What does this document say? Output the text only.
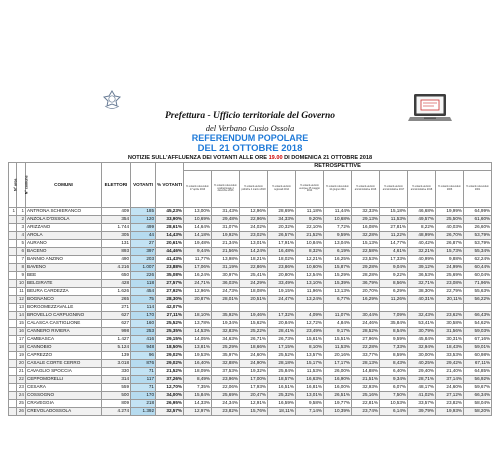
Prefettura - Ufficio territoriale del Governo
del Verbano Cusio Ossola
REFERENDUM POPOLARE
DEL 21 OTTOBRE 2018
NOTIZIE SULL'AFFLUENZA DEI VOTANTI ALLE ORE 19.00 DI DOMENICA 21 OTTOBRE 2018
N° area	N° comune	COMUNI	ELETTORI	VOTANTI	% VOTANTI	RETROSPETTIVE										
						% votanti referendum 17 aprile 2016	% votanti referendum costituzionale 4 dicembre 2016	% votanti elezioni politiche 4 marzo 2018	% votanti elezioni regionali 2014	% votanti elezioni europee 25 maggio 2014	% votanti referendum 12 giugno 2011	% votanti elezioni amministrative 2016	% votanti elezioni amministrative 2017	% votanti elezioni amministrative 2018	% votanti referendum 2006	% votanti referendum 2001
1	1	ANTRONA SCHIERANCO	409	185	45,23%	13,00%	31,43%	12,96%	28,69%	11,18%	11,44%	32,33%	15,18%	46,68%	19,99%	64,99%
	2	ANZOLA D'OSSOLA	354	120	33,90%	10,69%	29,48%	22,96%	34,33%	9,20%	10,68%	29,13%	11,53%	49,57%	25,50%	61,60%
	3	ARIZZANO	1.744	499	28,61%	14,64%	31,07%	24,02%	20,32%	22,10%	7,72%	16,08%	27,81%	8,22%	40,03%	26,60%
	4	AROLA	305	44	14,43%	14,18%	19,92%	23,02%	26,57%	21,52%	9,59%	32,28%	11,22%	48,99%	26,70%	53,79%
	5	AURANO	131	27	20,61%	19,48%	21,34%	13,01%	17,91%	10,84%	13,04%	15,13%	14,77%	40,42%	26,87%	53,79%
	6	BACENO	893	397	44,46%	9,44%	21,56%	14,24%	16,48%	8,32%	6,19%	22,58%	4,61%	32,21%	15,73%	55,34%
	7	BANNIO ANZINO	490	203	41,43%	11,77%	13,98%	18,21%	18,02%	12,21%	16,25%	23,53%	17,33%	40,99%	9,88%	62,24%
	8	BAVENO	4.216	1.007	23,88%	17,06%	31,19%	22,86%	23,86%	10,60%	15,87%	29,28%	9,04%	39,12%	24,99%	60,44%
	9	BEE	650	226	35,08%	16,24%	30,97%	25,41%	20,80%	12,54%	15,29%	28,28%	9,22%	36,53%	25,69%	60,04%
	10	BELGIRATE	428	118	27,57%	24,71%	36,03%	24,29%	33,49%	13,10%	15,39%	36,79%	8,56%	32,71%	23,08%	71,96%
	11	BEURA CARDEZZA	1.626	454	27,92%	12,96%	24,73%	18,08%	19,15%	11,96%	13,13%	20,70%	6,29%	38,30%	22,79%	55,63%
	12	BOGNANCO	265	75	28,30%	20,87%	28,01%	20,51%	24,47%	13,24%	6,77%	16,29%	11,26%	40,31%	20,11%	56,22%
	13	BORGOMEZZAVALLE	271	114	42,07%											
	14	BROVELLO CARPUGNINO	627	170	27,11%	18,10%	35,92%	19,46%	17,32%	4,09%	11,07%	30,44%	7,09%	32,43%	23,62%	66,43%
	15	CALASCA CASTIGLIONE	627	160	25,52%	13,78%	19,34%	15,62%	20,84%	12,72%	4,84%	24,46%	35,84%	53,41%	30,58%	54,62%
	16	CANNERO RIVIERA	998	253	25,35%	14,53%	32,83%	25,22%	28,41%	23,49%	9,17%	28,52%	8,54%	30,79%	31,56%	59,03%
	17	CAMBIASCA	1.427	416	29,15%	14,05%	34,63%	26,71%	26,73%	15,61%	15,51%	27,96%	9,59%	45,84%	30,31%	67,16%
	18	CANNOBIO	5.124	948	18,50%	13,81%	25,29%	18,66%	17,15%	8,10%	11,53%	22,28%	7,33%	32,94%	18,43%	59,01%
	19	CAPREZZO	139	96	29,02%	19,53%	35,97%	24,60%	25,52%	13,57%	20,16%	33,77%	8,59%	30,00%	33,53%	60,98%
	20	CASALE CORTE CERRO	3.018	876	29,02%	16,40%	32,88%	24,90%	28,18%	15,17%	17,17%	28,13%	8,43%	40,25%	29,42%	67,11%
	21	CAVAGLIO SPOCCIA	330	71	21,52%	18,09%	37,53%	19,32%	25,84%	11,53%	26,00%	14,88%	6,40%	29,40%	21,40%	64,85%
	22	CEPPOMORELLI	314	117	37,26%	8,49%	23,96%	17,00%	18,57%	16,63%	16,90%	21,51%	9,34%	28,71%	37,14%	56,92%
	23	CESARA	559	71	12,70%	7,35%	22,06%	17,93%	16,51%	16,81%	16,00%	32,93%	6,07%	48,17%	24,60%	59,67%
	24	COSSOGNO	500	170	34,00%	15,84%	25,69%	20,47%	25,32%	13,01%	26,51%	25,16%	7,50%	41,02%	27,12%	66,34%
	25	CRAVEGGIA	809	218	26,95%	14,33%	24,34%	12,91%	16,59%	9,58%	19,77%	22,81%	10,53%	33,57%	23,82%	58,04%
	26	CREVOLADOSSOLA	4.274	1.392	32,57%	12,97%	23,82%	15,76%	18,11%	7,14%	10,39%	23,74%	6,14%	39,79%	19,93%	58,20%
